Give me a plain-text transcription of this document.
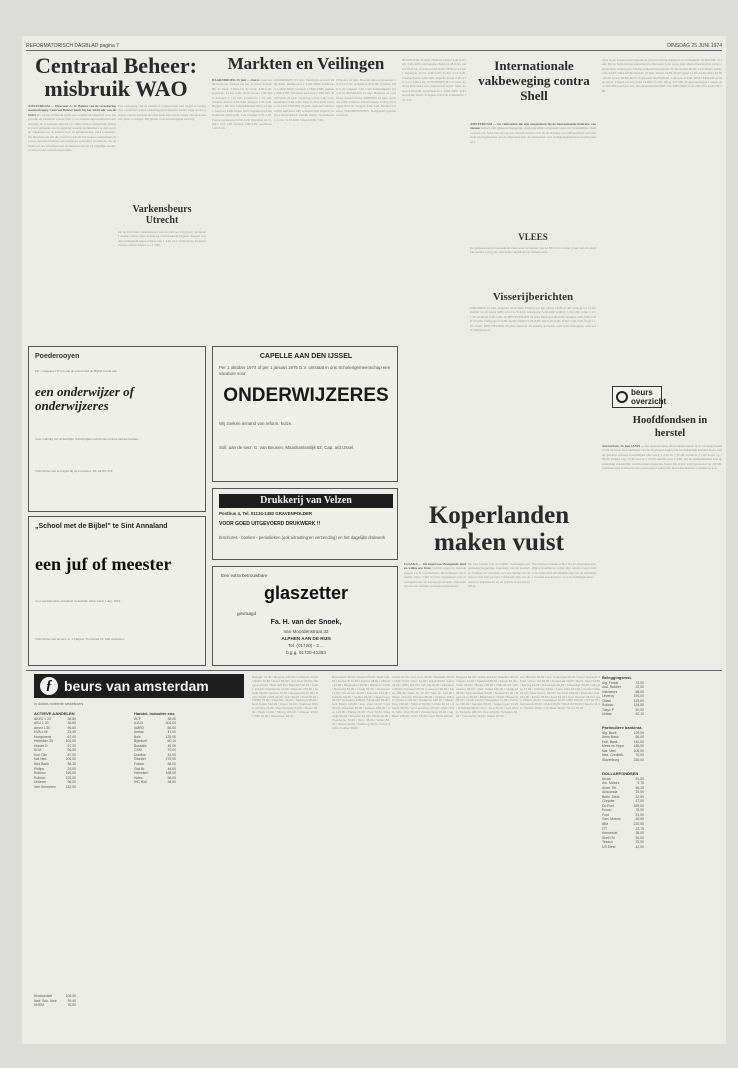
REFORMATORISCH DAGBLAD pagina 7	DINSDAG 25 JUNI 1974
Centraal Beheer: misbruik WAO
AMSTERDAM — Directeur A. W. Balster van de verzekeringsmaatschappij Centraal Beheer heeft bij het misbruik van de WAO De staatscommissie heeft een onderzoek ingesteld naar het gebruik en misbruik van de Wet op de arbeidsongeschiktheidsverzekering; de conclusies zijn dat op ruime schaal oneigenlijk gebruik wordt gemaakt van de regeling waarbij werknemers te snel worden afgekeurd en de kosten voor de gemeenschap sterk toenemen. De directeur zei dat dit vooral voorkomt bij oudere werknemers die door herstructurering van bedrijven overtollig worden en via de WAO uit het arbeidsproces verdwijnen terwijl zij eigenlijk werkloos zijn en niet arbeidsongeschikt.
Een verhoging van de premie is volgens hem niet langer te vermijden, omdat het aantal uitkeringsgerechtigden verder stijgt en de reserves van de fondsen onvoldoende zijn om de lasten van de komende jaren te dragen. Hij pleitte voor een strengere keuring.
Varkensbeurs Utrecht
Op de Utrechtse varkensbeurs was de aanvoer vrij groot; de handel verliep rustig tegen nagenoeg onveranderde prijzen. Zeugen werden verhandeld tegen prijzen van ƒ 4,60 tot ƒ 5,00 per kg levend gewicht, slachtvarkens tot ƒ 3,80.
Markten en Veilingen
BAARNBROEK 25 juni — Dorst. Aanvoer 90 runderen. Prijzen per kg: 1e kwal. 6,20-6,80; 2e kwal. 5,60-6,10; 3e kwal. 4,80-5,40. Kalveren: 1e kw. 9,00-10,20; 2e kw. 7,80-8,90. Schapen ƒ 110-140. Lammeren ƒ 95-125. Varkens levend 3,20-3,60. Zeugen 2,90-3,20. Biggen ƒ 80-105. GELDERMALSEN 24 juni. Aanvoer 1200 kisten fruit. Appelen Golden Delicious 0,60-0,90; Cox Orange 0,70-1,10; Peren Conference 0,80-1,20; Doyenne du Comice 1,10-1,60. Kersen 2,80-4,60; aardbeien 1,90-3,20.
GRONINGEN 25 juni. Veemarkt aanvoer 2400 stuks. Melkkoeien ƒ 2200-2800; kalfkoeien ƒ 2400-3000; vaarzen ƒ 1800-2300; pinken ƒ 900-1300. Nuchtere kalveren ƒ 190-260. KATWIJK 24 juni. Visafslag: schol 2,40-3,10; kabeljauw 3,60-4,20; tong 11,50-14,20; schar 1,10-1,60. LEIDEN 25 juni. Aanvoer runderen 600, kalveren 140, schapen 300. Prijzen vrijwel onveranderd, handel matig. Slachtkoeien 1e kw. 6,10-6,60. Stieren 6,80-7,20.
ZWAAG 24 juni. Bloembollen en groenten: sla 0,12-0,22; andijvie 0,25-0,40; spinazie 0,80-1,10; tomaten 1,40-2,10; komkommers 0,45-0,70. BOSKOOP 25 juni. Heesters en coniferen, handel flauw. RHENEN 24 juni. Aanvoer 2200 varkens; slachtvarkens 3,50-3,70; biggen 85-110. Zeugen 3,00-3,20. Handel normaal. WADDINXVEEN. Stalprijzen groenten en fruit.
BLEISWIJK 25 juni. Druiven blauw 3,40-4,20; wit 3,60-4,80; aardappelen Bintje 0,28-0,36; uien 0,24-0,31; wortelen 0,40-0,58. VENLO 24 juni. Aspergen 1e kw. 6,20-7,40; 2e kw. 4,10-5,20. Champignons 3,40-3,90. Paprika groen 2,40-3,10; rood 3,80-4,60. ZWIJNDRECHT 25 juni. Aanvoer 620 stuks vee; prijzen iets hoger. Vette koeien 6,20-6,90. Gebruiksvee ƒ 2200-2900. Kalveren 8,80-10,40. Schapen 120-150. Lammeren 110-135.
Internationale vakbeweging contra Shell
AMSTERDAM — De vakbonden die zijn aangesloten bij de internationale federatie van chemie hebben een gemeenschappelijk actieprogramma opgesteld tegen het Koninklijke Shell concern. De federatie verwijt het concern dat het zich bij de sluiting van raffinaderijen onvoldoende heeft gehouden aan de afspraken met de vakbonden over werkgelegenheid en sociale plannen.
VLEES
De geëxporteerde hoeveelheid vlees naar de landen van de EEG was in mei groter dan in dezelfde maand vorig jaar, met name rundvlees en varkensvlees.
Visserijberichten
IJMUIDEN 25 juni. Aanvoer 24 kotters. Prijzen per kg: tarbot 14,20-17,40; tong groot 13,20; middel 12,10; klein 9,80; schol 2,20-3,10; kabeljauw 3,40-4,60; wijting 1,40-1,90; schar 1,10-1,50; makreel 0,80-1,20. SCHEVENINGEN 24 juni. Haring 0,60-0,90; maatjes 2,40-3,80. URK 25 juni. Paling groot 8,80-10,40; middel 7,20-8,60; fijn 5,20-6,40. Schol 2,40-3,20. Tong 11,80-13,60. DEN HELDER 25 juni. Aanvoer 16 kotters; garnalen 4,20-5,60; kabeljauw 3,60-4,20. Handel goed.
deze week werden zeer beperkt en goed tot dertig duizend ton verhandeld. STIKSTOF 25 juni. Bij de Nederlandse kunstmestproducenten is de vraag naar stikstofmeststoffen sterk toegenomen. Prijzen per 100 kg: kalkammonsalpeter 27,40; ureum 48,20; zwavelzure ammoniak 24,60. GRAAN Rotterdam 25 juni. Tarwe 44,80-46,20; gerst 41,20-42,60; mais 42,00-43,40; haver 38,80-40,20. Sojabonen 84,00-88,40. Lijnzaad 112,00. ROTTERDAM goud en zilver. Prijzen per kg: goud 14.800-15.100; zilver 370-390. Kopernoteringen Londen spot 960-980 pond per ton; drie maanden 965-985. Tin 3900-3980; lood 290-310; zink 530-560.
beurs
overzicht
Hoofdfondsen in herstel
Amsterdam, 25 juni (ANP) — De Amsterdamse effectenbeurs heeft zich vandaag hersteld van de forse koersdalingen van de afgelopen dagen. De hoofdfondsen konden meest enkele guldens winnen. Koninklijke Olie steeg ƒ 2,50 tot ƒ 87,00, Unilever ƒ 1,60 hoger op ƒ 96,00. Philips lag ƒ 0,40 vast op ƒ 23,00. AKZO won ƒ 0,80. Op de obligatiemarkt was de stemming vriendelijk; staatsfondsen lagen iets hoger. De dollar werd genoteerd op 2,6720. Internationale fondsen lieten overwegend winst zien met Amerikaanse waarden op kop.
Poederooyen
Per 1 augustus 1974 is aan de school met de Bijbel vacant een
een onderwijzer of onderwijzeres
Voor volledig wit of deeltijds. Schriftelijke sollicitaties richten aan het bestuur.
Sollicitaties aan te vragen bij de voorzitter, Tel. 04187-350
CAPELLE AAN DEN IJSSEL
Per 1 oktober 1974 of per 1 januari 1975 D.V. ontstaat in ons Scholengemeenschap een vacature voor
ONDERWIJZERES
Wij zoeken iemand van reform. huize.
Soll. aan de secr. G. van Beusen, Maaskantsedijk 62, Cap. a/d IJssel.
„School met de Bijbel" te Sint Annaland
een juf of meester
voor een hele klas, eventueel in deeltijd, liefst vanaf 1 aug. 1974.
Sollicitaties aan de secr. A. J. Duijzer, Voorstraat 25, Sint Annaland.
Drukkerij van Velzen
Postbus 4, Tel. 01134-1482 GRAVENPOLDER
VOOR GOED UITGEVOERD DRUKWERK !!
brochures - boeken - periodieken (ook uitrusting en verzending) en het dagelijks drukwerk
Een extra betrouwbare
glaszetter
gevraagd
Fa. H. van der Snoek,
Van Moordenstraat 32
ALPHEN AAN DE RIJN
Tel. (01720) - 2 ...
b.g.g. 01720-41353
Koperlanden maken vuist
LUSAKA — De kopervoortbrengende landen willen een front vormen tegen de dalende prijzen op de wereldmarkt. De ministers van Zambia, Zaïre, Chili en Peru vergaderen over maatregelen die de koperprijs moeten ondersteunen en een eerlijke opbrengst garanderen.
De vier landen van de CIPEC overwegen een gemeenschappelijke beperking van de productie. Volgens de voorzitter zou een daling van de uitvoer met tien procent voldoende zijn om de markt te stabiliseren en de prijzen te doen herstellen.
Waarnemers menen echter dat de afspraken moeilijk te handhaven zullen zijn omdat vooral Zaïre en Chili sterk afhankelijk zijn van de opbrengst van hun koperexport voor de betalingsbalans.
ƒ beurs van amsterdam
In dollars noteerde wisselkoers
Beleggi. 71,40 / Rorento 137,00 / Unifonds 72,00 / AKZO 36,80 / Amev 96,60 / Ant. Petr. 99,50 / Bergoss 84,00 / Bols 125,00 / Bijenkorf 60,10 / Calvé 112,00 / Dordtsche 43,00 / Elsevier 270,00 / Gist-Br 46,00 / Grasso 57,00 / Hoogovens 67,00 / Holec 56,00 / HVA 23,40 / IHC 38,00 / KLM 96,00 / KNSM 76,00 / Naarden 36,00 / Nedlloyd 98,00 / Ned. Kabel 122,00 / Ogem 41,00 / Pakhoed 88,00 / Philips 23,00 / Rijn-Schelde 54,00 / Stevin 66,00 / Stork 44,00 / Tilburg 105,00 / Unilever 96,00 / VMF 61,00 / Wessanen 48,00
Bronswerk 45,00 / Ahold 175,00 / Delft 120,00 / Hunter D 57,20 / Sphinx 48,00 / Vihamij 44,00 / Begemann 90,00 / Blijdenst 73,00 / Borsumij 83,00 / Cindu 62,00 / Desseaux 71,00 / De Erven 41,00 / Furness 130,00 / Gazelle 59,00 / Gelder 43,00 / Hagemeyer 64,00 / Heineken 168,00 / Hollandia 58,00 / Holl. Beton 116,00 / Kon. Zout 41,00 / Lips 66,00 / Nijverdal 35,00 / Nutricia 188,00 / Oce 129,00 / Palthe 41,00 / Pont 70,00 / Reeuwijk 65,00 / Scholten 81,00 / Tabak 40,00 / Twentsche 72,00 / Verto 48,00 / Volker 84,00 / Wyers 60,00 / Zaalberg 39,00 / Hoek 33,00 / Fokker 58,00
Amfas 47,00 / Ant. Petr. 99,50 / Boskalis 45,00 / CSM 70,00 / Dorr. 61,00 / Ennia 94,00 / Hero 41,00 / HBG 116,00 / Ind. Mij 32,00 / Interbeurs 58,00 / Kempen 60,00 / Leveroy 190,00 / Mees 185,00 / Ned. Cr. 70,00 / Nat. Gr. 142,00 / Obam 124,00 / Pierson 96,00 / Robeco 195,00 / Rolinco 124,50 / Rodamco 128,00 / Slavenburg 230,00 / Tokyo P 50,00 / Unitas 62,10 / Utrecht 98,00 / Van Lanschot 121,00 / VNU 70,00 / Wm. Pont 70,00 / Zwanenberg 49,00 / Alg. Bank 129,00 / Amro 66,00 / Holl. Bank 140,00
Bergoss 84,00 / Calvé 112,00 / Naarden 36,00 / Ogem 41,00 / Pakhoed 88,00 / Stevin 66,00 / Stork 44,00 / Tilburg 105,00 / VMF 61,00 / Wessanen 48,00 / Ned. Kabel 122,00 / Nedlloyd 98,00 / Rijn-Schelde 54,00 / Grasso 57,00 / Begemann 90,00 / Blijdenstein 73,00 / Borsumij 83,00 / Cindu 62,00 / Desseaux 71,00 / Furness 130,00 / Gazelle 59,00 / Hagemeyer 64,00 / Hollandia 58,00 / Kon. Zout 41,00 / Lips 66,00 / Nutricia 188,00 / Oce 129,00 / Scholten 81,00 / Twentsche 72,00 / Volker 84,00
Am. Brands 38,00 / Am. Cyanamid 22,00 / Amer. Express 35,00 / Amer. Tel 46,25 / Anaconda 23,00 / Bethl. Steel 32,50 / Boeing 16,00 / Burroughs 96,00 / Caterpillar 59,00 / Chrysler 17,00 / Citicorp 34,00 / Coca Cola 101,00 / Control Data 22,00 / Dow Chem. 64,00 / Du Pont 169,00 / Eastman Kod. 101,00 / Exxon 75,00 / Ford 51,00 / Gen. Electric 48,00 / Gen. Motors 49,50 / Goodyear 16,00 / IBM 220,00 / ITT 22,75 / Kennecott 38,00 / Mobil 38,00 / Shell Oil 50,00 / Sperry 41,00 / Texaco 25,00 / US Steel 42,00 / Xerox 97,00
ACTIEVE AANDELEN
AKZO 1 20	36,80
AKU 1 20	36,60
Amev 1 20	96,60
HVA c.Hf	23,40
Hoogovens	67,00
Heineken 25	102,00
Hunter D	57,20
KLM	96,00
Kon Olie	87,00
Nat Ned	106,00
Ned Bank	98,30
Philips	23,00
Robeco	195,00
Rolinco	125,00
Unilever	96,00
Van Ommeren	132,00
Handel, industrie enz.
ACF	38,00
A.B.N	304,00
AMRO	66,00
Amfas	47,00
Bols	125,00
Bijenkorf	60,10
Boskalis	45,00
CSM	70,00
Dordtse	43,00
Elsevier	270,00
Fokker	58,00
Gist-Br.	46,00
Heineken	168,00
Holec	56,00
IHC Holl.	38,00
Beleggingsinst.
Alg. Fonds	74,00
Asd. Rubber	22,00
Interbeurs	58,00
Leveroy	190,00
Obam	124,00
Rolinco	124,50
Tokyo P	50,00
Unitas	62,10
Particuliere bankinst.
Alg. Bank	129,00
Amro Bank	66,00
Holl. Bank	140,00
Mees en Hope	185,00
Nat. Ned.	106,00
Ned. Credietb.	70,00
Slavenburg	230,00
DOLLARFONDSEN
Alcoa	61,00
Am. Motors	9,75
Amer. Tel.	46,25
Anaconda	23,00
Bethl. Steel	32,50
Chrysler	17,00
Du Pont	169,00
Exxon	75,00
Ford	51,00
Gen. Motors	49,50
IBM	220,00
ITT	22,75
Kennecott	38,00
Shell Oil	50,00
Texaco	25,00
US Steel	42,00
Eindoordeel	108,00
Ned. Sch. Unie	39,40
KNSM	76,00
